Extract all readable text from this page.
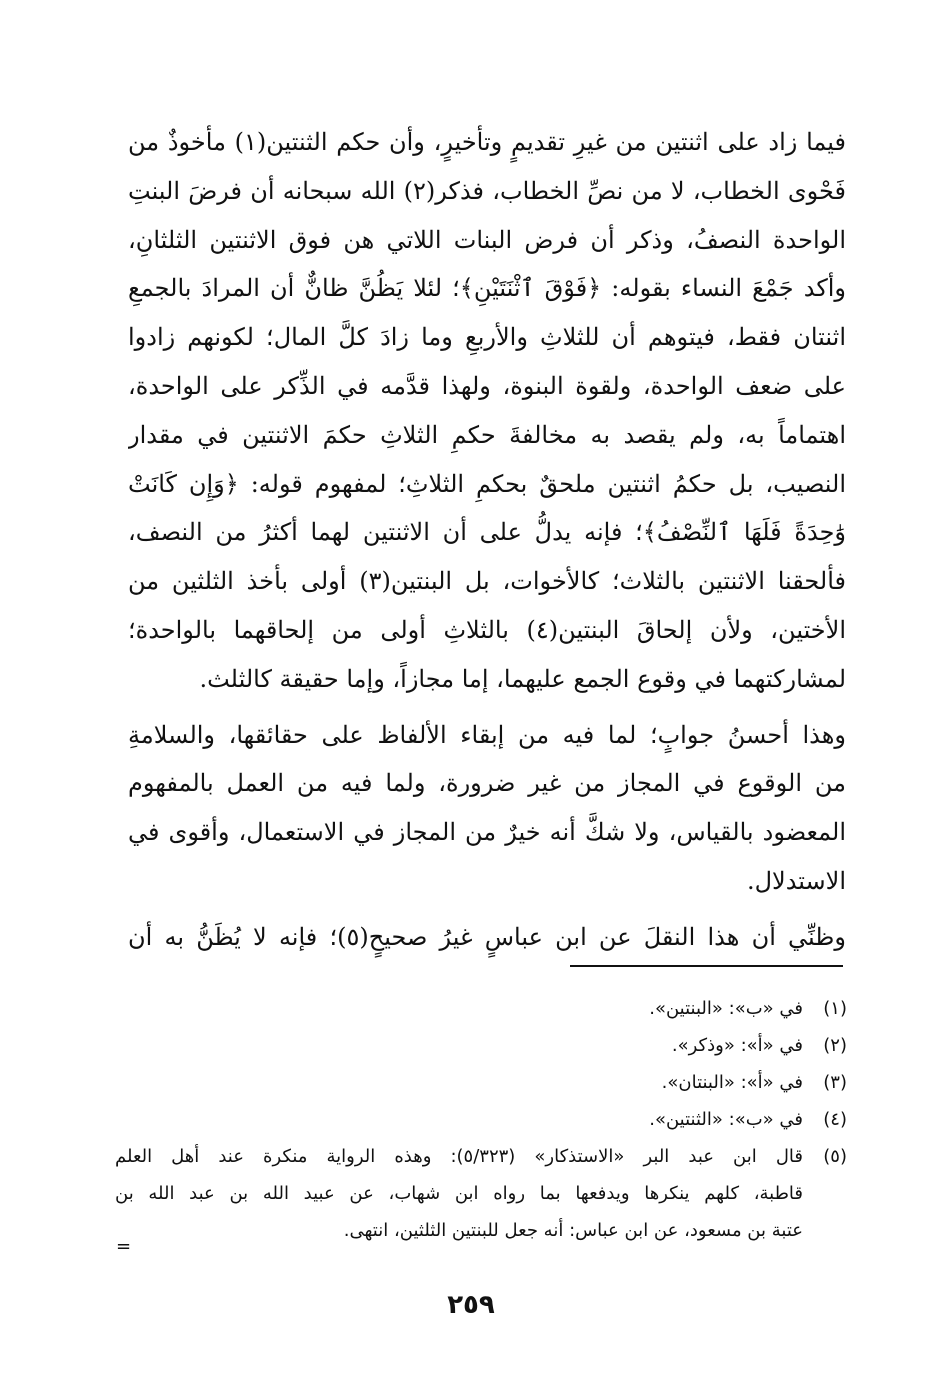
فيما زاد على اثنتين من غيرِ تقديمٍ وتأخيرٍ، وأن حكم الثنتين(١) مأخوذٌ من
فَحْوى الخطاب، لا من نصِّ الخطاب، فذكر(٢) الله سبحانه أن فرضَ البنتِ
الواحدة النصفُ، وذكر أن فرض البنات اللاتي هن فوق الاثنتين الثلثانِ،
وأكد جَمْعَ النساء بقوله: ﴿فَوْقَ ٱثْنَتَيْنِ﴾؛ لئلا يَظُنَّ ظانٌّ أن المرادَ بالجمعِ
اثنتان فقط، فيتوهم أن للثلاثِ والأربعِ وما زادَ كلَّ المال؛ لكونهم زادوا
على ضعف الواحدة، ولقوة البنوة، ولهذا قدَّمه في الذِّكر على الواحدة،
اهتماماً به، ولم يقصد به مخالفةَ حكمِ الثلاثِ حكمَ الاثنتين في مقدار
النصيب، بل حكمُ اثنتين ملحقٌ بحكمِ الثلاثِ؛ لمفهوم قوله: ﴿وَإِن كَانَتْ
وَٰحِدَةً فَلَهَا ٱلنِّصْفُ﴾؛ فإنه يدلُّ على أن الاثنتين لهما أكثرُ من النصف،
فألحقنا الاثنتين بالثلاث؛ كالأخوات، بل البنتين(٣) أولى بأخذ الثلثين من
الأختين، ولأن إلحاقَ البنتين(٤) بالثلاثِ أولى من إلحاقهما بالواحدة؛
لمشاركتهما في وقوع الجمع عليهما، إما مجازاً، وإما حقيقة كالثلث.
وهذا أحسنُ جوابٍ؛ لما فيه من إبقاء الألفاظ على حقائقها، والسلامةِ
من الوقوع في المجاز من غير ضرورة، ولما فيه من العمل بالمفهوم
المعضود بالقياس، ولا شكَّ أنه خيرٌ من المجاز في الاستعمال، وأقوى في
الاستدلال.
وظنِّي أن هذا النقلَ عن ابن عباسٍ غيرُ صحيحٍ(٥)؛ فإنه لا يُظَنُّ به أن
(١)
في «ب»: «البنتين».
(٢)
في «أ»: «وذكر».
(٣)
في «أ»: «البنتان».
(٤)
في «ب»: «الثنتين».
(٥)
قال ابن عبد البر «الاستذكار» (٥/٣٢٣): وهذه الرواية منكرة عند أهل العلم
قاطبة، كلهم ينكرها ويدفعها بما رواه ابن شهاب، عن عبيد الله بن عبد الله بن
عتبة بن مسعود، عن ابن عباس: أنه جعل للبنتين الثلثين، انتهى.
=
٢٥٩
